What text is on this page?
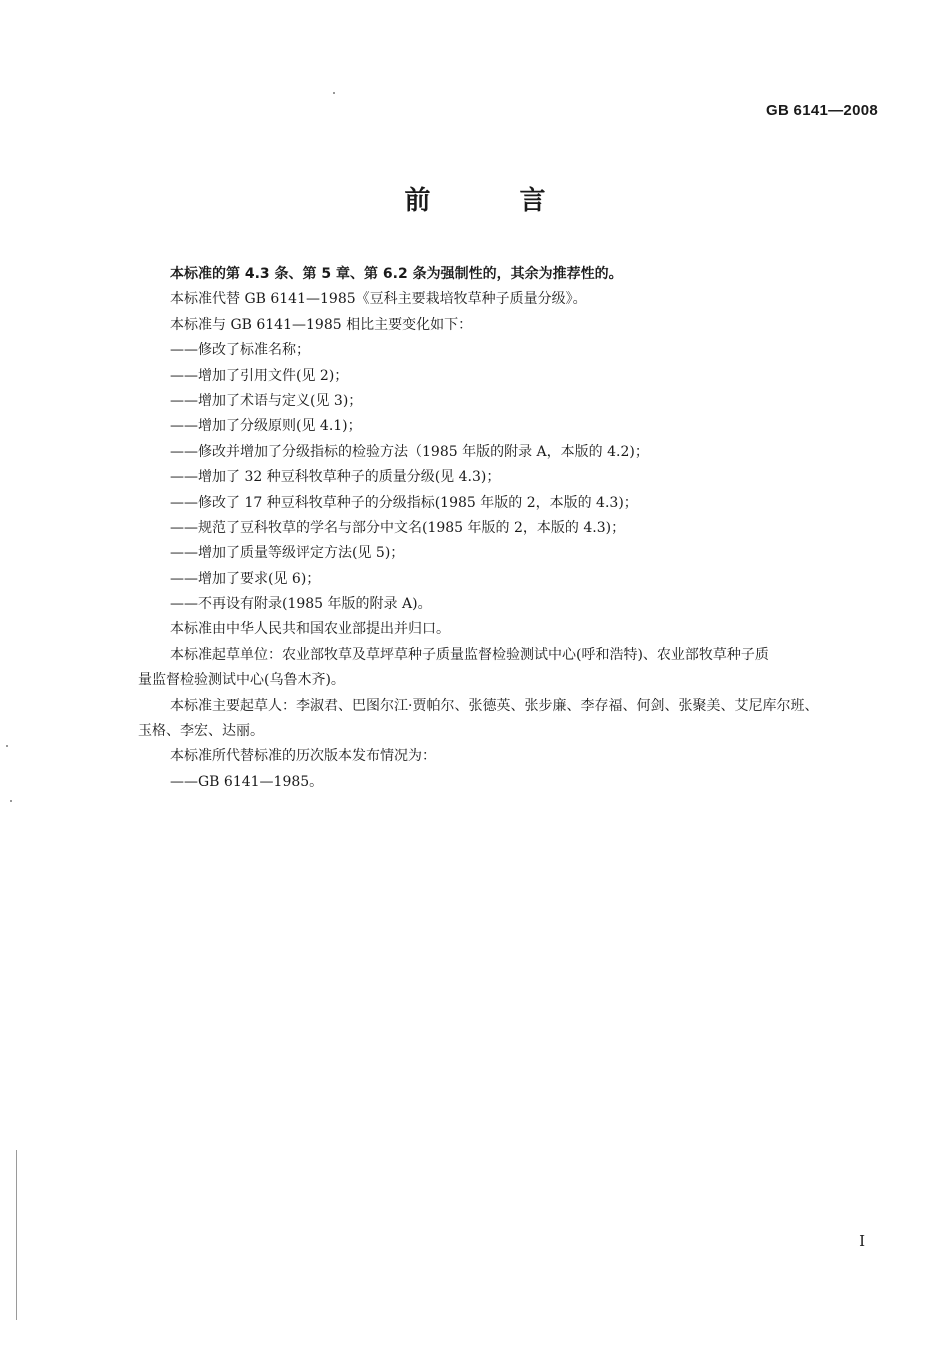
GB 6141—2008
前 言
本标准的第 4.3 条、第 5 章、第 6.2 条为强制性的，其余为推荐性的。
本标准代替 GB 6141—1985《豆科主要栽培牧草种子质量分级》。
本标准与 GB 6141—1985 相比主要变化如下：
——修改了标准名称；
——增加了引用文件(见 2)；
——增加了术语与定义(见 3)；
——增加了分级原则(见 4.1)；
——修改并增加了分级指标的检验方法（1985 年版的附录 A，本版的 4.2)；
——增加了 32 种豆科牧草种子的质量分级(见 4.3)；
——修改了 17 种豆科牧草种子的分级指标(1985 年版的 2，本版的 4.3)；
——规范了豆科牧草的学名与部分中文名(1985 年版的 2，本版的 4.3)；
——增加了质量等级评定方法(见 5)；
——增加了要求(见 6)；
——不再设有附录(1985 年版的附录 A)。
本标准由中华人民共和国农业部提出并归口。
本标准起草单位：农业部牧草及草坪草种子质量监督检验测试中心(呼和浩特)、农业部牧草种子质
量监督检验测试中心(乌鲁木齐)。
本标准主要起草人：李淑君、巴图尔江·贾帕尔、张德英、张步廉、李存福、何剑、张聚美、艾尼库尔班、
玉格、李宏、达丽。
本标准所代替标准的历次版本发布情况为：
——GB 6141—1985。
I
